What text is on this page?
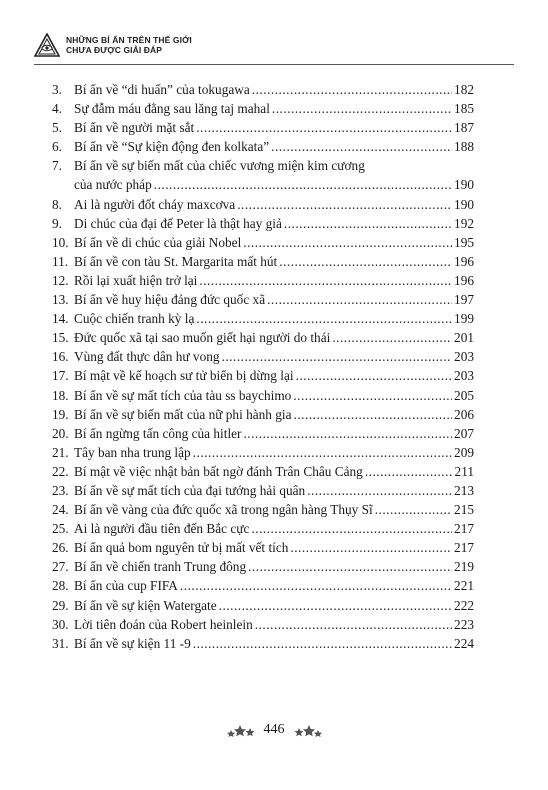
NHỮNG BÍ ẨN TRÊN THẾ GIỚI
CHƯA ĐƯỢC GIẢI ĐÁP
3. Bí ẩn về “di huấn” của tokugawa .....	182
4. Sự đẫm máu đằng sau lăng taj mahal .....	185
5. Bí ẩn về người mặt sắt .....	187
6. Bí ẩn về “Sự kiện động đen kolkata” .....	188
7. Bí ẩn về sự biến mất của chiếc vương miện kim cương
của nước pháp .....	190
8. Ai là người đốt cháy maxcơva .....	190
9. Di chúc của đại đế Peter là thật hay giả .....	192
10. Bí ẩn về di chúc của giải Nobel .....	195
11. Bí ẩn về con tàu St. Margarita mất hút .....	196
12. Rồi lại xuất hiện trở lại .....	196
13. Bí ẩn về huy hiệu đảng đức quốc xã .....	197
14. Cuộc chiến tranh kỳ lạ .....	199
15. Đức quốc xã tại sao muốn giết hại người do thái .....	201
16. Vùng đất thực dân hư vong .....	203
17. Bí mật về kế hoạch sư tử biển bị dừng lại .....	203
18. Bí ẩn về sự mất tích của tàu ss baychimo .....	205
19. Bí ẩn về sự biến mất của nữ phi hành gia .....	206
20. Bí ẩn ngừng tấn công của hitler .....	207
21. Tây ban nha trung lập .....	209
22. Bí mật về việc nhật bản bất ngờ đánh Trân Châu Cảng .....	211
23. Bí ẩn về sự mất tích của đại tướng hải quân .....	213
24. Bí ẩn về vàng của đức quốc xã trong ngân hàng Thụy Sĩ .....	215
25. Ai là người đầu tiên đến Bắc cực .....	217
26. Bí ẩn quả bom nguyên tử bị mất vết tích .....	217
27. Bí ẩn về chiến tranh Trung đông .....	219
28. Bí ẩn của cup FIFA .....	221
29. Bí ẩn về sự kiện Watergate .....	222
30. Lời tiên đoán của Robert heinlein .....	223
31. Bí ẩn về sự kiện 11 -9 .....	224
446
